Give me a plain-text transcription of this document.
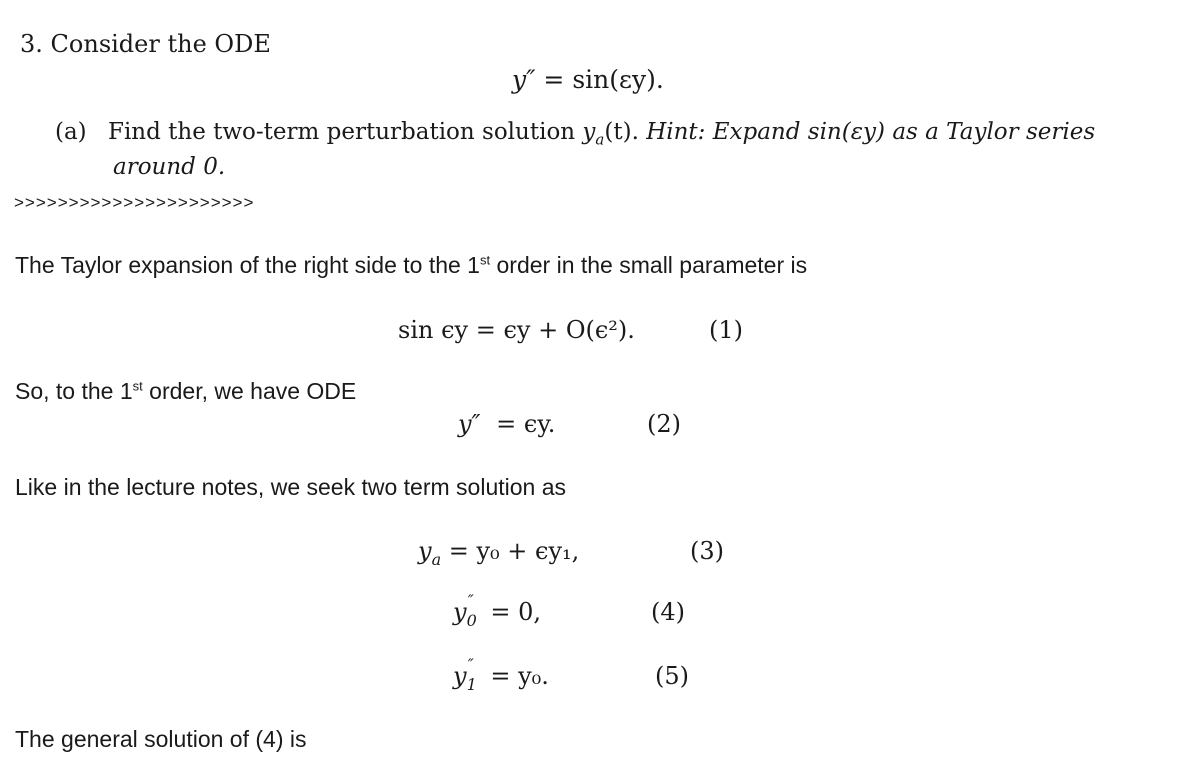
3. Consider the ODE
y″ = sin(εy).
(a) Find the two-term perturbation solution $y_a(t)$. Hint: Expand sin(εy) as a Taylor series
around 0.
>>>>>>>>>>>>>>>>>>>>>>
The Taylor expansion of the right side to the 1st order in the small parameter is
sin ϵy = ϵy + O(ϵ²).	(1)
So, to the 1st order, we have ODE
y″ = ϵy.	(2)
Like in the lecture notes, we seek two term solution as
$y_a = y_0 + \epsilon y_1$,	(3)
$y_0'' = 0$,	(4)
$y_1'' = y_0$.	(5)
The general solution of (4) is
